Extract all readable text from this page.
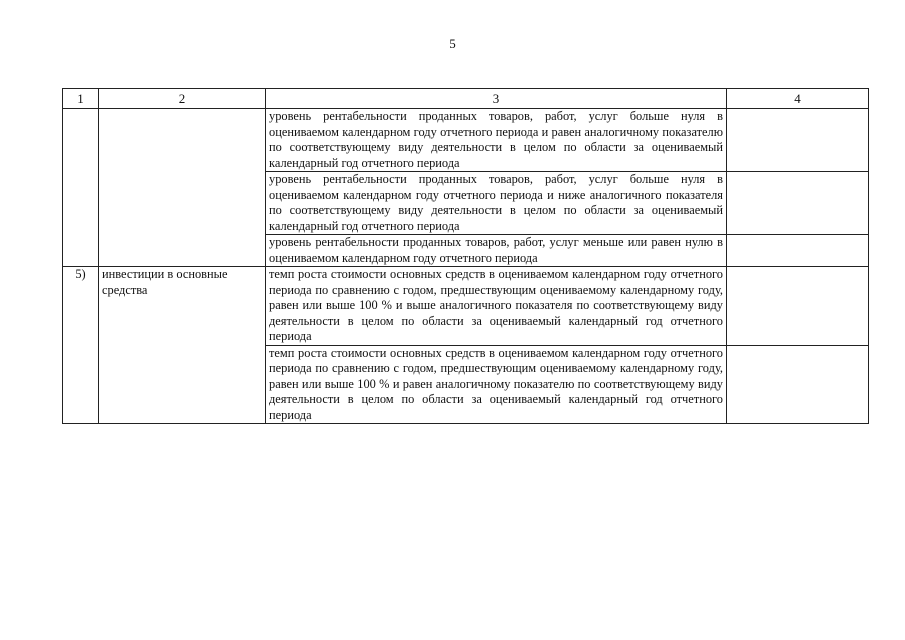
5
1	2	3	4
		уровень рентабельности проданных товаров, работ, услуг больше нуля в оцениваемом календарном году отчетного периода и равен аналогичному показателю по соответствующему виду деятельности в целом по области за оцениваемый календарный год отчетного периода	
		уровень рентабельности проданных товаров, работ, услуг больше нуля в оцениваемом календарном году отчетного периода и ниже аналогичного показателя по соответствующему виду деятельности в целом по области за оцениваемый календарный год отчетного периода	
		уровень рентабельности проданных товаров, работ, услуг меньше или равен нулю в оцениваемом календарном году отчетного периода	
5)	инвестиции в основные средства	темп роста стоимости основных средств в оцениваемом календарном году отчетного периода по сравнению с годом, предшествующим оцениваемому календарному году, равен или выше 100 % и выше аналогичного показателя по соответствующему виду деятельности в целом по области за оцениваемый календарный год отчетного периода	
		темп роста стоимости основных средств в оцениваемом календарном году отчетного периода по сравнению с годом, предшествующим оцениваемому календарному году, равен или выше 100 % и равен аналогичному показателю по соответствующему виду деятельности в целом по области за оцениваемый календарный год отчетного периода	
